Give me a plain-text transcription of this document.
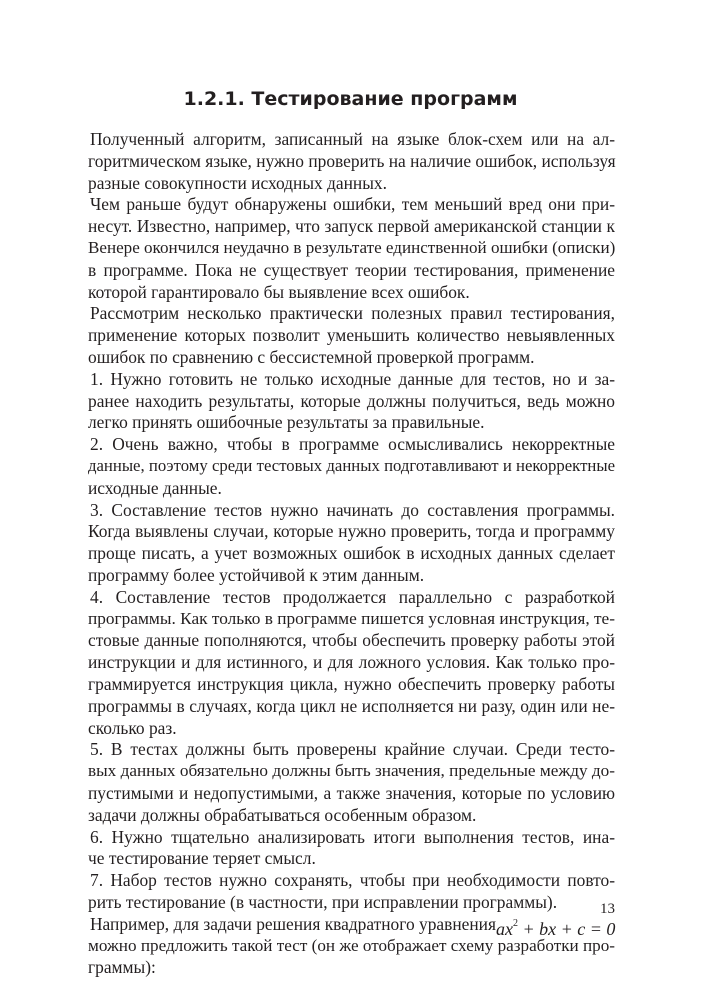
1.2.1. Тестирование программ
Полученный алгоритм, записанный на языке блок-схем или на ал-
горитмическом языке, нужно проверить на наличие ошибок, используя
разные совокупности исходных данных.
Чем раньше будут обнаружены ошибки, тем меньший вред они при-
несут. Известно, например, что запуск первой американской станции к
Венере окончился неудачно в результате единственной ошибки (описки)
в программе. Пока не существует теории тестирования, применение
которой гарантировало бы выявление всех ошибок.
Рассмотрим несколько практически полезных правил тестирования,
применение которых позволит уменьшить количество невыявленных
ошибок по сравнению с бессистемной проверкой программ.
1. Нужно готовить не только исходные данные для тестов, но и за-
ранее находить результаты, которые должны получиться, ведь можно
легко принять ошибочные результаты за правильные.
2. Очень важно, чтобы в программе осмысливались некорректные
данные, поэтому среди тестовых данных подготавливают и некорректные
исходные данные.
3. Составление тестов нужно начинать до составления программы.
Когда выявлены случаи, которые нужно проверить, тогда и программу
проще писать, а учет возможных ошибок в исходных данных сделает
программу более устойчивой к этим данным.
4. Составление тестов продолжается параллельно с разработкой
программы. Как только в программе пишется условная инструкция, те-
стовые данные пополняются, чтобы обеспечить проверку работы этой
инструкции и для истинного, и для ложного условия. Как только про-
граммируется инструкция цикла, нужно обеспечить проверку работы
программы в случаях, когда цикл не исполняется ни разу, один или не-
сколько раз.
5. В тестах должны быть проверены крайние случаи. Среди тесто-
вых данных обязательно должны быть значения, предельные между до-
пустимыми и недопустимыми, а также значения, которые по условию
задачи должны обрабатываться особенным образом.
6. Нужно тщательно анализировать итоги выполнения тестов, ина-
че тестирование теряет смысл.
7. Набор тестов нужно сохранять, чтобы при необходимости повто-
рить тестирование (в частности, при исправлении программы).
Например, для задачи решения квадратного уравнения $ax^2$ + bx + c = 0
можно предложить такой тест (он же отображает схему разработки про-
граммы):
13
